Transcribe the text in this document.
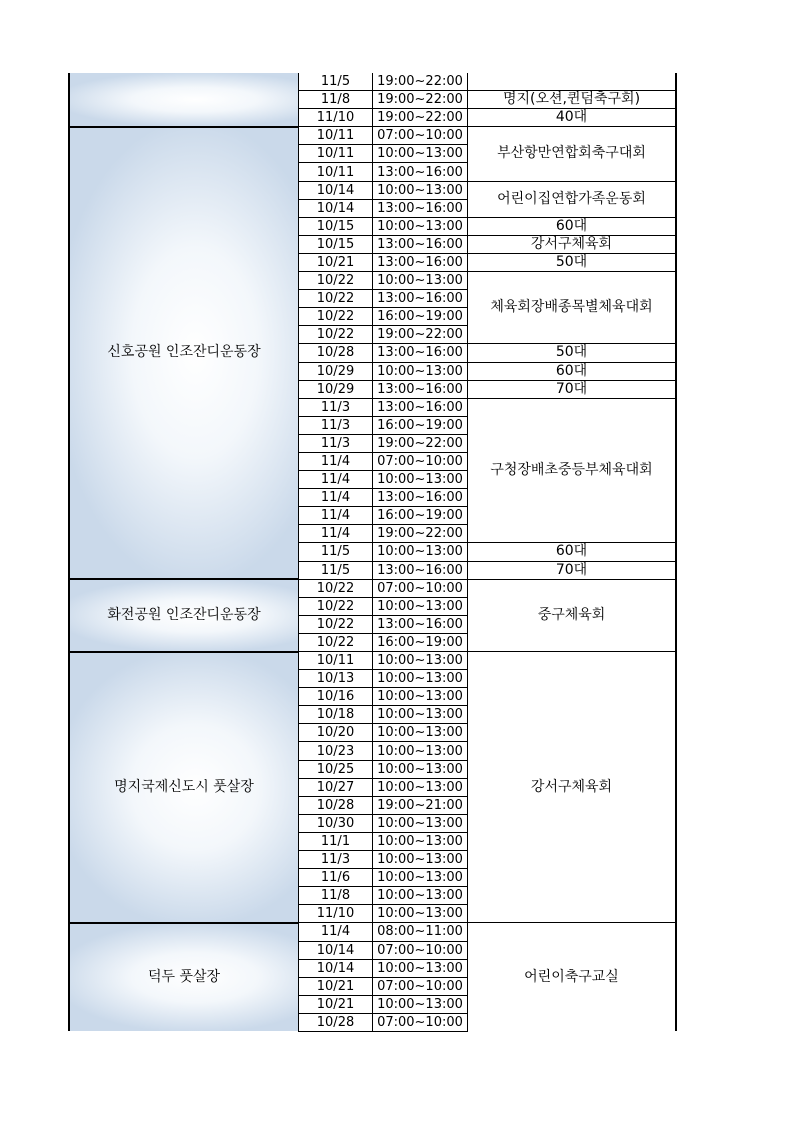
	11/5	19:00~22:00	
	11/8	19:00~22:00	명지(오션,퀸덤축구회)
	11/10	19:00~22:00	40대
신호공원 인조잔디운동장	10/11	07:00~10:00	부산항만연합회축구대회
	10/11	10:00~13:00	
	10/11	13:00~16:00	
	10/14	10:00~13:00	어린이집연합가족운동회
	10/14	13:00~16:00	
	10/15	10:00~13:00	60대
	10/15	13:00~16:00	강서구체육회
	10/21	13:00~16:00	50대
	10/22	10:00~13:00	체육회장배종목별체육대회
	10/22	13:00~16:00	
	10/22	16:00~19:00	
	10/22	19:00~22:00	
	10/28	13:00~16:00	50대
	10/29	10:00~13:00	60대
	10/29	13:00~16:00	70대
	11/3	13:00~16:00	구청장배초중등부체육대회
	11/3	16:00~19:00	
	11/3	19:00~22:00	
	11/4	07:00~10:00	
	11/4	10:00~13:00	
	11/4	13:00~16:00	
	11/4	16:00~19:00	
	11/4	19:00~22:00	
	11/5	10:00~13:00	60대
	11/5	13:00~16:00	70대
화전공원 인조잔디운동장	10/22	07:00~10:00	중구체육회
	10/22	10:00~13:00	
	10/22	13:00~16:00	
	10/22	16:00~19:00	
명지국제신도시 풋살장	10/11	10:00~13:00	강서구체육회
	10/13	10:00~13:00	
	10/16	10:00~13:00	
	10/18	10:00~13:00	
	10/20	10:00~13:00	
	10/23	10:00~13:00	
	10/25	10:00~13:00	
	10/27	10:00~13:00	
	10/28	19:00~21:00	
	10/30	10:00~13:00	
	11/1	10:00~13:00	
	11/3	10:00~13:00	
	11/6	10:00~13:00	
	11/8	10:00~13:00	
	11/10	10:00~13:00	
덕두 풋살장	11/4	08:00~11:00	어린이축구교실
	10/14	07:00~10:00	
	10/14	10:00~13:00	
	10/21	07:00~10:00	
	10/21	10:00~13:00	
	10/28	07:00~10:00	
